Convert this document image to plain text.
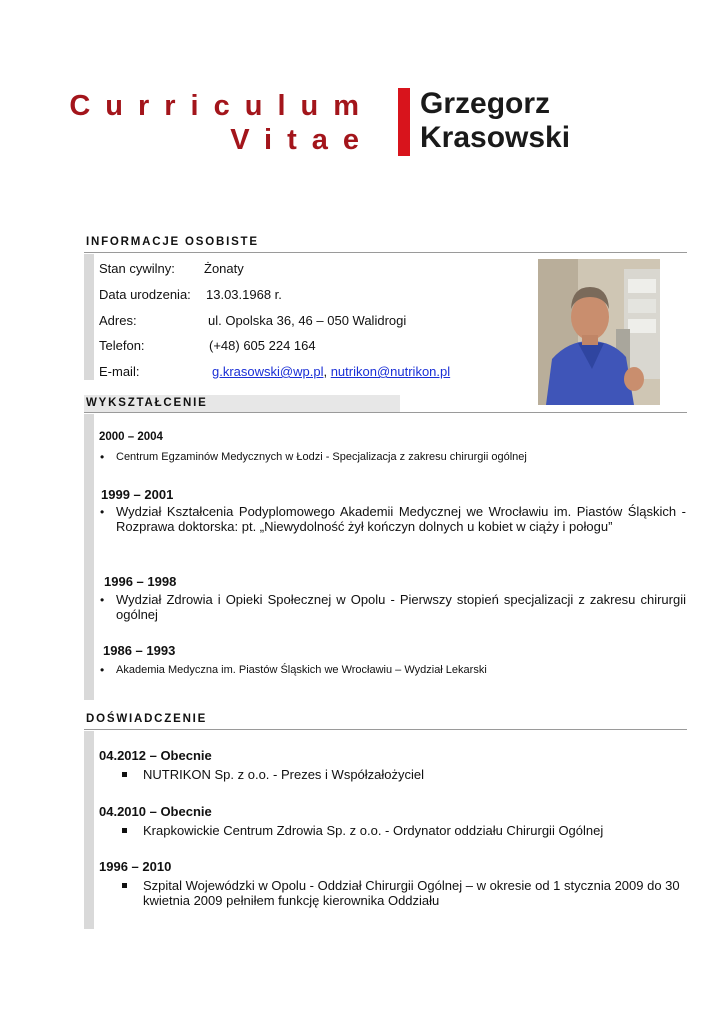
Curriculum
Vitae
Grzegorz
Krasowski
INFORMACJE OSOBISTE
Stan cywilny: Żonaty
Data urodzenia: 13.03.1968 r.
Adres:	ul. Opolska 36, 46 – 050 Walidrogi
Telefon:	(+48) 605 224 164
E-mail:	g.krasowski@wp.pl, nutrikon@nutrikon.pl
WYKSZTAŁCENIE
2000 – 2004
• Centrum Egzaminów Medycznych w Łodzi - Specjalizacja z zakresu chirurgii ogólnej
1999 – 2001
• Wydział Kształcenia Podyplomowego Akademii Medycznej we Wrocławiu im. Piastów Śląskich - Rozprawa doktorska: pt. „Niewydolność żył kończyn dolnych u kobiet w ciąży i połogu”
1996 – 1998
• Wydział Zdrowia i Opieki Społecznej w Opolu - Pierwszy stopień specjalizacji z zakresu chirurgii ogólnej
1986 – 1993
• Akademia Medyczna im. Piastów Śląskich we Wrocławiu – Wydział Lekarski
DOŚWIADCZENIE
04.2012 – Obecnie
NUTRIKON Sp. z o.o. - Prezes i Współzałożyciel
04.2010 – Obecnie
Krapkowickie Centrum Zdrowia Sp. z o.o. - Ordynator oddziału Chirurgii Ogólnej
1996 – 2010
Szpital Wojewódzki w Opolu - Oddział Chirurgii Ogólnej – w okresie od 1 stycznia 2009 do 30 kwietnia 2009 pełniłem funkcję kierownika Oddziału
